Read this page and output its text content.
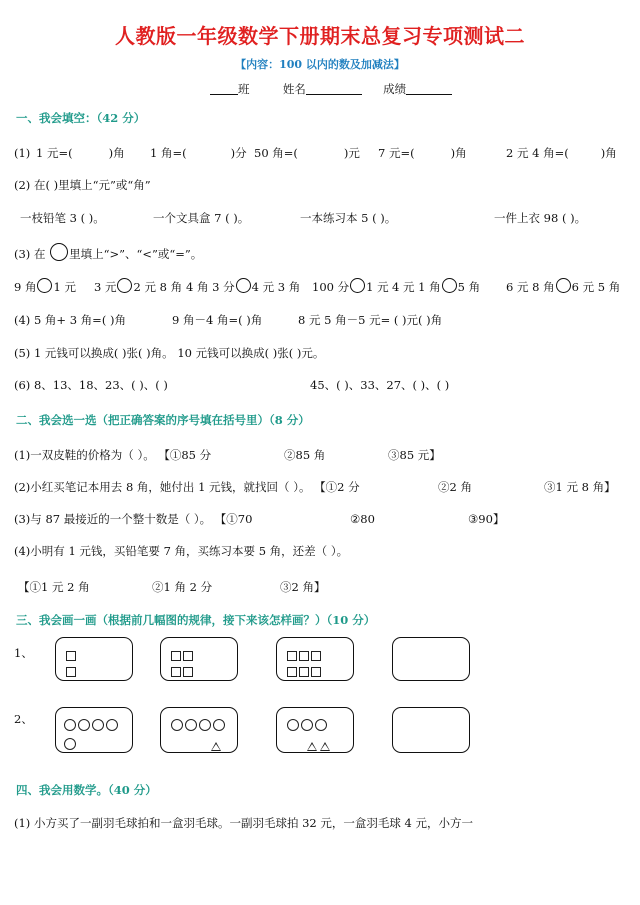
人教版一年级数学下册期末总复习专项测试二
【内容：100 以内的数及加减法】
班	姓名	成绩
一、我会填空：（42 分）
(1) 1 元=(	)角 1 角=(	)分 50 角=(	)元 7 元=(	)角	2 元 4 角=(	)角
(2) 在( )里填上“元”或“角”
一枝铅笔 3 ( )。	一个文具盒 7 ( )。	一本练习本 5 ( )。	一件上衣 98 ( )。
(3) 在 里填上“>”、“<”或“=”。
9 角 1 元 3 元 2 元 8 角 4 角 3 分 4 元 3 角 100 分 1 元 4 元 1 角 5 角 6 元 8 角 6 元 5 角
(4) 5 角+ 3 角=( )角	9 角－4 角=( )角	8 元 5 角－5 元= ( )元( )角
(5) 1 元钱可以换成( )张( )角。 10 元钱可以换成( )张( )元。
(6) 8、13、18、23、( )、( )	45、( )、33、27、( )、( )
二、我会选一选（把正确答案的序号填在括号里）（8 分）
(1)一双皮鞋的价格为（ ）。 【①85 分	②85 角	③85 元】
(2)小红买笔记本用去 8 角，她付出 1 元钱，就找回（ ）。 【①2 分	②2 角	③1 元 8 角】
(3)与 87 最接近的一个整十数是（ ）。 【①70	②80	③90】
(4)小明有 1 元钱，买铅笔要 7 角，买练习本要 5 角，还差（ ）。
【①1 元 2 角	②1 角 2 分	③2 角】
三、我会画一画（根据前几幅图的规律，接下来该怎样画？）（10 分）
1、
2、
四、我会用数学。（40 分）
(1) 小方买了一副羽毛球拍和一盒羽毛球。一副羽毛球拍 32 元，一盒羽毛球 4 元，小方一
